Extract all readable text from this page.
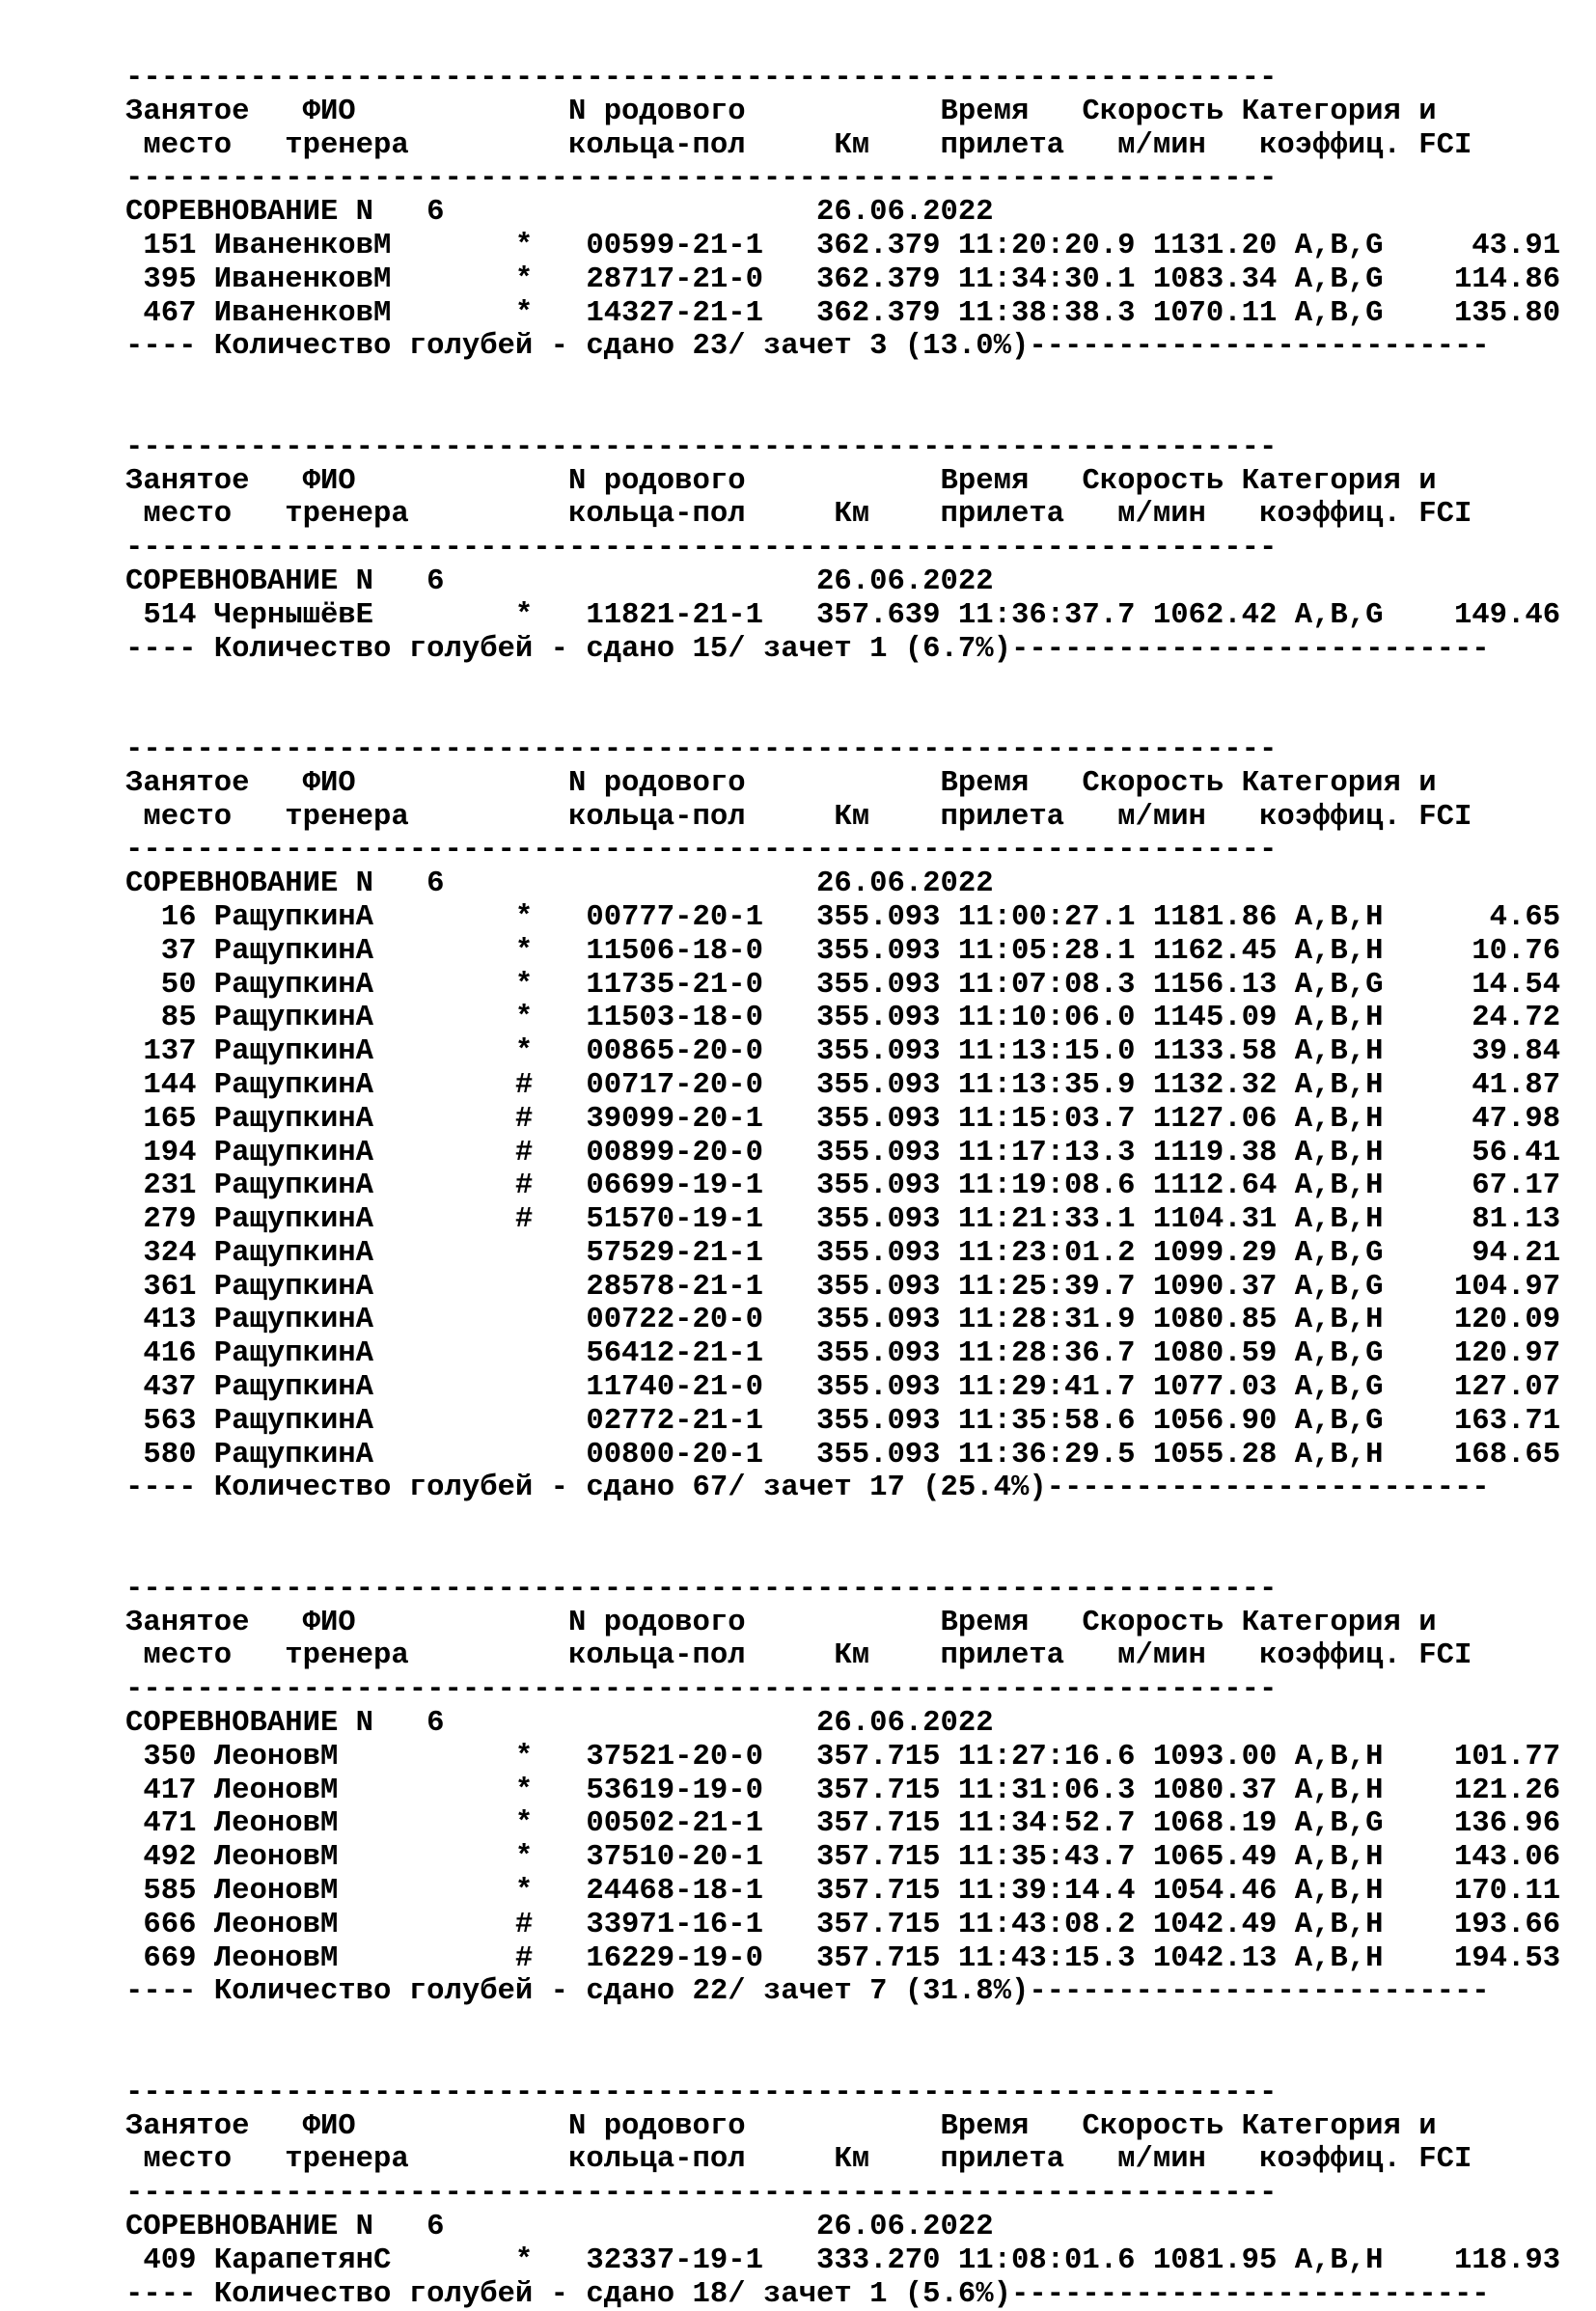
-----------------------------------------------------------------
Занятое   ФИО            N родового           Время   Скорость Категория и
место   тренера         кольца-пол     Км    прилета   м/мин   коэффиц. FCI
-----------------------------------------------------------------
СОРЕВНОВАНИЕ N   6                     26.06.2022
151 ИваненковМ       *   00599-21-1   362.379 11:20:20.9 1131.20 A,B,G     43.91
395 ИваненковМ       *   28717-21-0   362.379 11:34:30.1 1083.34 A,B,G    114.86
467 ИваненковМ       *   14327-21-1   362.379 11:38:38.3 1070.11 A,B,G    135.80
---- Количество голубей - сдано 23/ зачет 3 (13.0%)--------------------------
-----------------------------------------------------------------
Занятое   ФИО            N родового           Время   Скорость Категория и
место   тренера         кольца-пол     Км    прилета   м/мин   коэффиц. FCI
-----------------------------------------------------------------
СОРЕВНОВАНИЕ N   6                     26.06.2022
514 ЧернышёвЕ        *   11821-21-1   357.639 11:36:37.7 1062.42 A,B,G    149.46
---- Количество голубей - сдано 15/ зачет 1 (6.7%)---------------------------
-----------------------------------------------------------------
Занятое   ФИО            N родового           Время   Скорость Категория и
место   тренера         кольца-пол     Км    прилета   м/мин   коэффиц. FCI
-----------------------------------------------------------------
СОРЕВНОВАНИЕ N   6                     26.06.2022
16 РащупкинА        *   00777-20-1   355.093 11:00:27.1 1181.86 A,B,H      4.65
37 РащупкинА        *   11506-18-0   355.093 11:05:28.1 1162.45 A,B,H     10.76
50 РащупкинА        *   11735-21-0   355.093 11:07:08.3 1156.13 A,B,G     14.54
85 РащупкинА        *   11503-18-0   355.093 11:10:06.0 1145.09 A,B,H     24.72
137 РащупкинА        *   00865-20-0   355.093 11:13:15.0 1133.58 A,B,H     39.84
144 РащупкинА        #   00717-20-0   355.093 11:13:35.9 1132.32 A,B,H     41.87
165 РащупкинА        #   39099-20-1   355.093 11:15:03.7 1127.06 A,B,H     47.98
194 РащупкинА        #   00899-20-0   355.093 11:17:13.3 1119.38 A,B,H     56.41
231 РащупкинА        #   06699-19-1   355.093 11:19:08.6 1112.64 A,B,H     67.17
279 РащупкинА        #   51570-19-1   355.093 11:21:33.1 1104.31 A,B,H     81.13
324 РащупкинА            57529-21-1   355.093 11:23:01.2 1099.29 A,B,G     94.21
361 РащупкинА            28578-21-1   355.093 11:25:39.7 1090.37 A,B,G    104.97
413 РащупкинА            00722-20-0   355.093 11:28:31.9 1080.85 A,B,H    120.09
416 РащупкинА            56412-21-1   355.093 11:28:36.7 1080.59 A,B,G    120.97
437 РащупкинА            11740-21-0   355.093 11:29:41.7 1077.03 A,B,G    127.07
563 РащупкинА            02772-21-1   355.093 11:35:58.6 1056.90 A,B,G    163.71
580 РащупкинА            00800-20-1   355.093 11:36:29.5 1055.28 A,B,H    168.65
---- Количество голубей - сдано 67/ зачет 17 (25.4%)-------------------------
-----------------------------------------------------------------
Занятое   ФИО            N родового           Время   Скорость Категория и
место   тренера         кольца-пол     Км    прилета   м/мин   коэффиц. FCI
-----------------------------------------------------------------
СОРЕВНОВАНИЕ N   6                     26.06.2022
350 ЛеоновМ          *   37521-20-0   357.715 11:27:16.6 1093.00 A,B,H    101.77
417 ЛеоновМ          *   53619-19-0   357.715 11:31:06.3 1080.37 A,B,H    121.26
471 ЛеоновМ          *   00502-21-1   357.715 11:34:52.7 1068.19 A,B,G    136.96
492 ЛеоновМ          *   37510-20-1   357.715 11:35:43.7 1065.49 A,B,H    143.06
585 ЛеоновМ          *   24468-18-1   357.715 11:39:14.4 1054.46 A,B,H    170.11
666 ЛеоновМ          #   33971-16-1   357.715 11:43:08.2 1042.49 A,B,H    193.66
669 ЛеоновМ          #   16229-19-0   357.715 11:43:15.3 1042.13 A,B,H    194.53
---- Количество голубей - сдано 22/ зачет 7 (31.8%)--------------------------
-----------------------------------------------------------------
Занятое   ФИО            N родового           Время   Скорость Категория и
место   тренера         кольца-пол     Км    прилета   м/мин   коэффиц. FCI
-----------------------------------------------------------------
СОРЕВНОВАНИЕ N   6                     26.06.2022
409 КарапетянС       *   32337-19-1   333.270 11:08:01.6 1081.95 A,B,H    118.93
---- Количество голубей - сдано 18/ зачет 1 (5.6%)---------------------------
